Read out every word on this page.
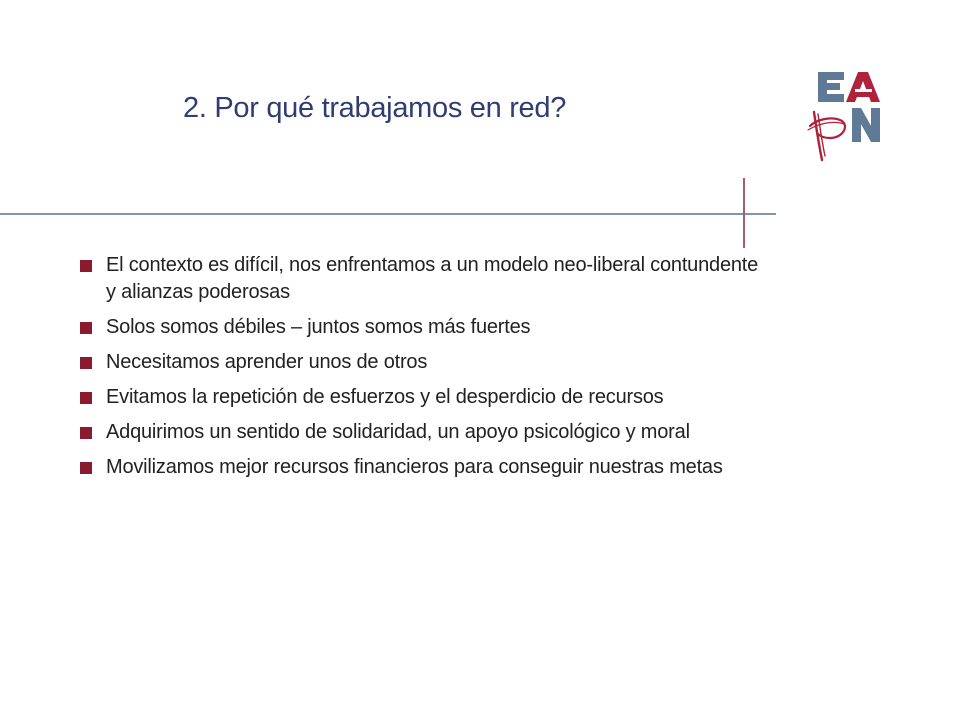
2. Por qué trabajamos en red?
El contexto es difícil, nos enfrentamos a un modelo neo-liberal contundente y alianzas poderosas
Solos somos débiles – juntos somos más fuertes
Necesitamos aprender unos de otros
Evitamos la repetición de esfuerzos y el desperdicio de recursos
Adquirimos un sentido de solidaridad, un apoyo psicológico y moral
Movilizamos mejor recursos financieros para conseguir nuestras metas
